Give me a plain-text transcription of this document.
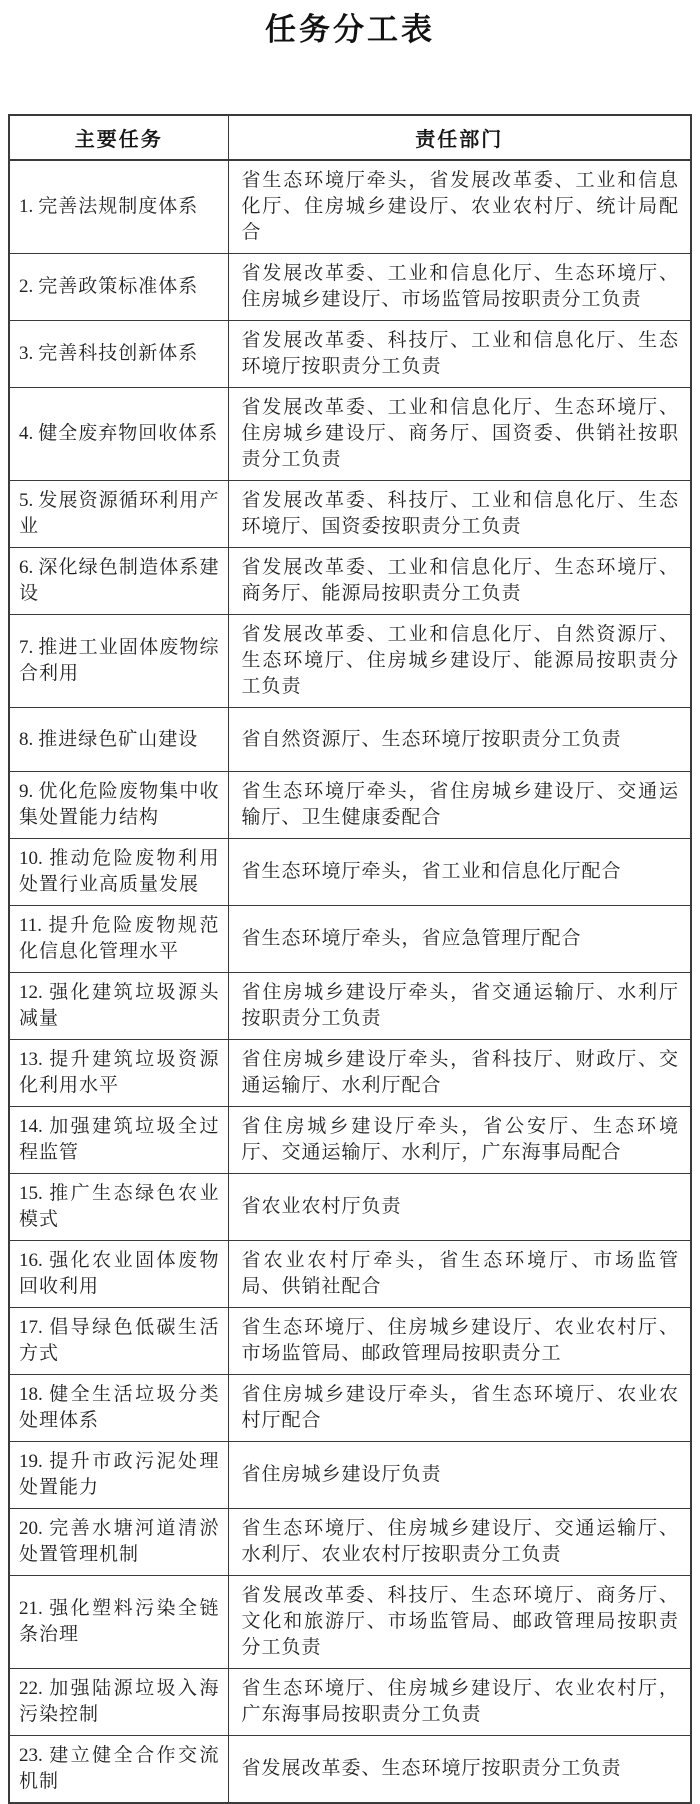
任务分工表
主要任务	责任部门
1. 完善法规制度体系	省生态环境厅牵头，省发展改革委、工业和信息化厅、住房城乡建设厅、农业农村厅、统计局配合
2. 完善政策标准体系	省发展改革委、工业和信息化厅、生态环境厅、住房城乡建设厅、市场监管局按职责分工负责
3. 完善科技创新体系	省发展改革委、科技厅、工业和信息化厅、生态环境厅按职责分工负责
4. 健全废弃物回收体系	省发展改革委、工业和信息化厅、生态环境厅、住房城乡建设厅、商务厅、国资委、供销社按职责分工负责
5. 发展资源循环利用产业	省发展改革委、科技厅、工业和信息化厅、生态环境厅、国资委按职责分工负责
6. 深化绿色制造体系建设	省发展改革委、工业和信息化厅、生态环境厅、商务厅、能源局按职责分工负责
7. 推进工业固体废物综合利用	省发展改革委、工业和信息化厅、自然资源厅、生态环境厅、住房城乡建设厅、能源局按职责分工负责
8. 推进绿色矿山建设	省自然资源厅、生态环境厅按职责分工负责
9. 优化危险废物集中收集处置能力结构	省生态环境厅牵头，省住房城乡建设厅、交通运输厅、卫生健康委配合
10. 推动危险废物利用处置行业高质量发展	省生态环境厅牵头，省工业和信息化厅配合
11. 提升危险废物规范化信息化管理水平	省生态环境厅牵头，省应急管理厅配合
12. 强化建筑垃圾源头减量	省住房城乡建设厅牵头，省交通运输厅、水利厅按职责分工负责
13. 提升建筑垃圾资源化利用水平	省住房城乡建设厅牵头，省科技厅、财政厅、交通运输厅、水利厅配合
14. 加强建筑垃圾全过程监管	省住房城乡建设厅牵头，省公安厅、生态环境厅、交通运输厅、水利厅，广东海事局配合
15. 推广生态绿色农业模式	省农业农村厅负责
16. 强化农业固体废物回收利用	省农业农村厅牵头，省生态环境厅、市场监管局、供销社配合
17. 倡导绿色低碳生活方式	省生态环境厅、住房城乡建设厅、农业农村厅、市场监管局、邮政管理局按职责分工
18. 健全生活垃圾分类处理体系	省住房城乡建设厅牵头，省生态环境厅、农业农村厅配合
19. 提升市政污泥处理处置能力	省住房城乡建设厅负责
20. 完善水塘河道清淤处置管理机制	省生态环境厅、住房城乡建设厅、交通运输厅、水利厅、农业农村厅按职责分工负责
21. 强化塑料污染全链条治理	省发展改革委、科技厅、生态环境厅、商务厅、文化和旅游厅、市场监管局、邮政管理局按职责分工负责
22. 加强陆源垃圾入海污染控制	省生态环境厅、住房城乡建设厅、农业农村厅，广东海事局按职责分工负责
23. 建立健全合作交流机制	省发展改革委、生态环境厅按职责分工负责
